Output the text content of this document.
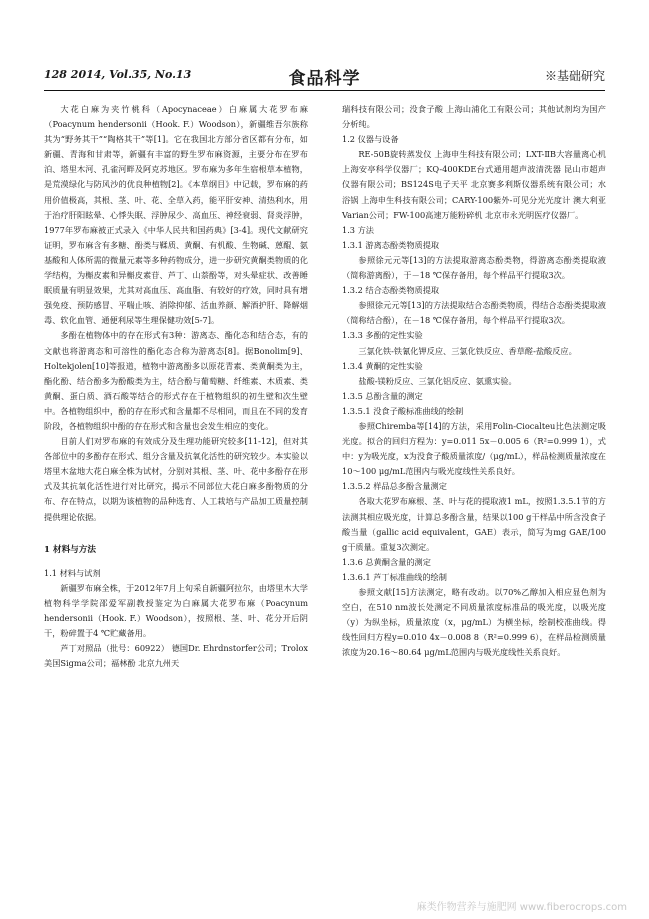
128 2014, Vol.35, No.13	食品科学	※基础研究

大花白麻为夹竹桃科（Apocynaceae）白麻属大花罗布麻（Poacynum hendersonii（Hook. F.）Woodson），新疆维吾尔族称其为“野务其干”“陶格其干”等[1]。它在我国北方部分省区都有分布，如新疆、青海和甘肃等，新疆有丰富的野生罗布麻资源，主要分布在罗布泊、塔里木河、孔雀河畔及阿克苏地区。罗布麻为多年生宿根草本植物，是荒漠绿化与防风沙的优良种植物[2]。《本草纲目》中记载，罗布麻的药用价值极高，其根、茎、叶、花、全草入药，能平肝安神、清热利水，用于治疗肝阳眩晕、心悸失眠、浮肿尿少、高血压、神经衰弱、肾炎浮肿，1977年罗布麻被正式录入《中华人民共和国药典》[3-4]。现代文献研究证明，罗布麻含有多糖、酚类与鞣质、黄酮、有机酸、生物碱、蒽醌、氨基酸和人体所需的微量元素等多种药物成分，进一步研究黄酮类物质的化学结构，为槲皮素和异槲皮素苷、芦丁、山萘酚等，对头晕症状、改善睡眠质量有明显效果，尤其对高血压、高血脂、有较好的疗效，同时具有增强免疫、预防感冒、平喘止咳、消除抑郁、活血养颜、解酒护肝、降解烟毒、软化血管、通便利尿等生理保健功效[5-7]。

多酚在植物体中的存在形式有3种：游离态、酯化态和结合态，有的文献也将游离态和可溶性的酯化态合称为游离态[8]。据Bonolim[9]、Holtekjolen[10]等报道，植物中游离酚多以原花青素、类黄酮类为主，酯化酚、结合酚多为酚酸类为主，结合酚与葡萄糖、纤维素、木质素、类黄酮、蛋白质、酒石酸等结合的形式存在于植物组织的初生壁和次生壁中。各植物组织中，酚的存在形式和含量都不尽相同，而且在不同的发育阶段，各植物组织中酚的存在形式和含量也会发生相应的变化。

目前人们对罗布麻的有效成分及生理功能研究较多[11-12]，但对其各部位中的多酚存在形式、组分含量及抗氧化活性的研究较少。本实验以塔里木盆地大花白麻全株为试材，分别对其根、茎、叶、花中多酚存在形式及其抗氧化活性进行对比研究，揭示不同部位大花白麻多酚物质的分布、存在特点，以期为该植物的品种选育、人工栽培与产品加工质量控制提供理论依据。

1 材料与方法

1.1 材料与试剂

新疆罗布麻全株，于2012年7月上旬采自新疆阿拉尔，由塔里木大学植物科学学院邵爱军副教授鉴定为白麻属大花罗布麻（Poacynum hendersonii（Hook. F.）Woodson），按照根、茎、叶、花分开后阴干，粉碎置于4 ℃贮藏备用。

芦丁对照品（批号：60922） 德国Dr. Ehrdnstorfer公司；Trolox 美国Sigma公司；福林酚 北京九州天

瑞科技有限公司；没食子酸 上海山浦化工有限公司；其他试剂均为国产分析纯。

1.2 仪器与设备

RE-50B旋转蒸发仪 上海申生科技有限公司；LXT-ⅡB大容量离心机 上海安亭科学仪器厂；KQ-400KDE台式通用超声波清洗器 昆山市超声仪器有限公司；BS124S电子天平 北京赛多利斯仪器系统有限公司；水浴锅 上海申生科技有限公司；CARY-100紫外-可见分光光度计 澳大利亚Varian公司；FW-100高速万能粉碎机 北京市永光明医疗仪器厂。

1.3 方法

1.3.1 游离态酚类物质提取

参照徐元元等[13]的方法提取游离态酚类物，得游离态酚类提取液（简称游离酚），于－18 ℃保存备用，每个样品平行提取3次。

1.3.2 结合态酚类物质提取

参照徐元元等[13]的方法提取结合态酚类物质，得结合态酚类提取液（简称结合酚），在－18 ℃保存备用，每个样品平行提取3次。

1.3.3 多酚的定性实验

三氯化铁-铁氰化钾反应、三氯化铁反应、香草醛-盐酸反应。

1.3.4 黄酮的定性实验

盐酸-镁粉反应、三氯化铝反应、氨熏实验。

1.3.5 总酚含量的测定

1.3.5.1 没食子酸标准曲线的绘制

参照Chiremba等[14]的方法，采用Folin-Ciocalteu比色法测定吸光度。拟合的回归方程为：y=0.011 5x－0.005 6（R²=0.999 1），式中：y为吸光度，x为没食子酸质量浓度/（μg/mL），样品检测质量浓度在10～100 μg/mL范围内与吸光度线性关系良好。

1.3.5.2 样品总多酚含量测定

各取大花罗布麻根、茎、叶与花的提取液1 mL，按照1.3.5.1节的方法测其相应吸光度，计算总多酚含量，结果以100 g干样品中所含没食子酸当量（gallic acid equivalent，GAE）表示，简写为mg GAE/100 g干质量。重复3次测定。

1.3.6 总黄酮含量的测定

1.3.6.1 芦丁标准曲线的绘制

参照文献[15]方法测定，略有改动。以70%乙醇加入相应显色剂为空白，在510 nm波长处测定不同质量浓度标准品的吸光度，以吸光度（y）为纵坐标，质量浓度（x，μg/mL）为横坐标，绘制校准曲线。得线性回归方程y=0.010 4x－0.008 8（R²=0.999 6），在样品检测质量浓度为20.16～80.64 μg/mL范围内与吸光度线性关系良好。

麻类作物营养与施肥网 www.fiberocrops.com
